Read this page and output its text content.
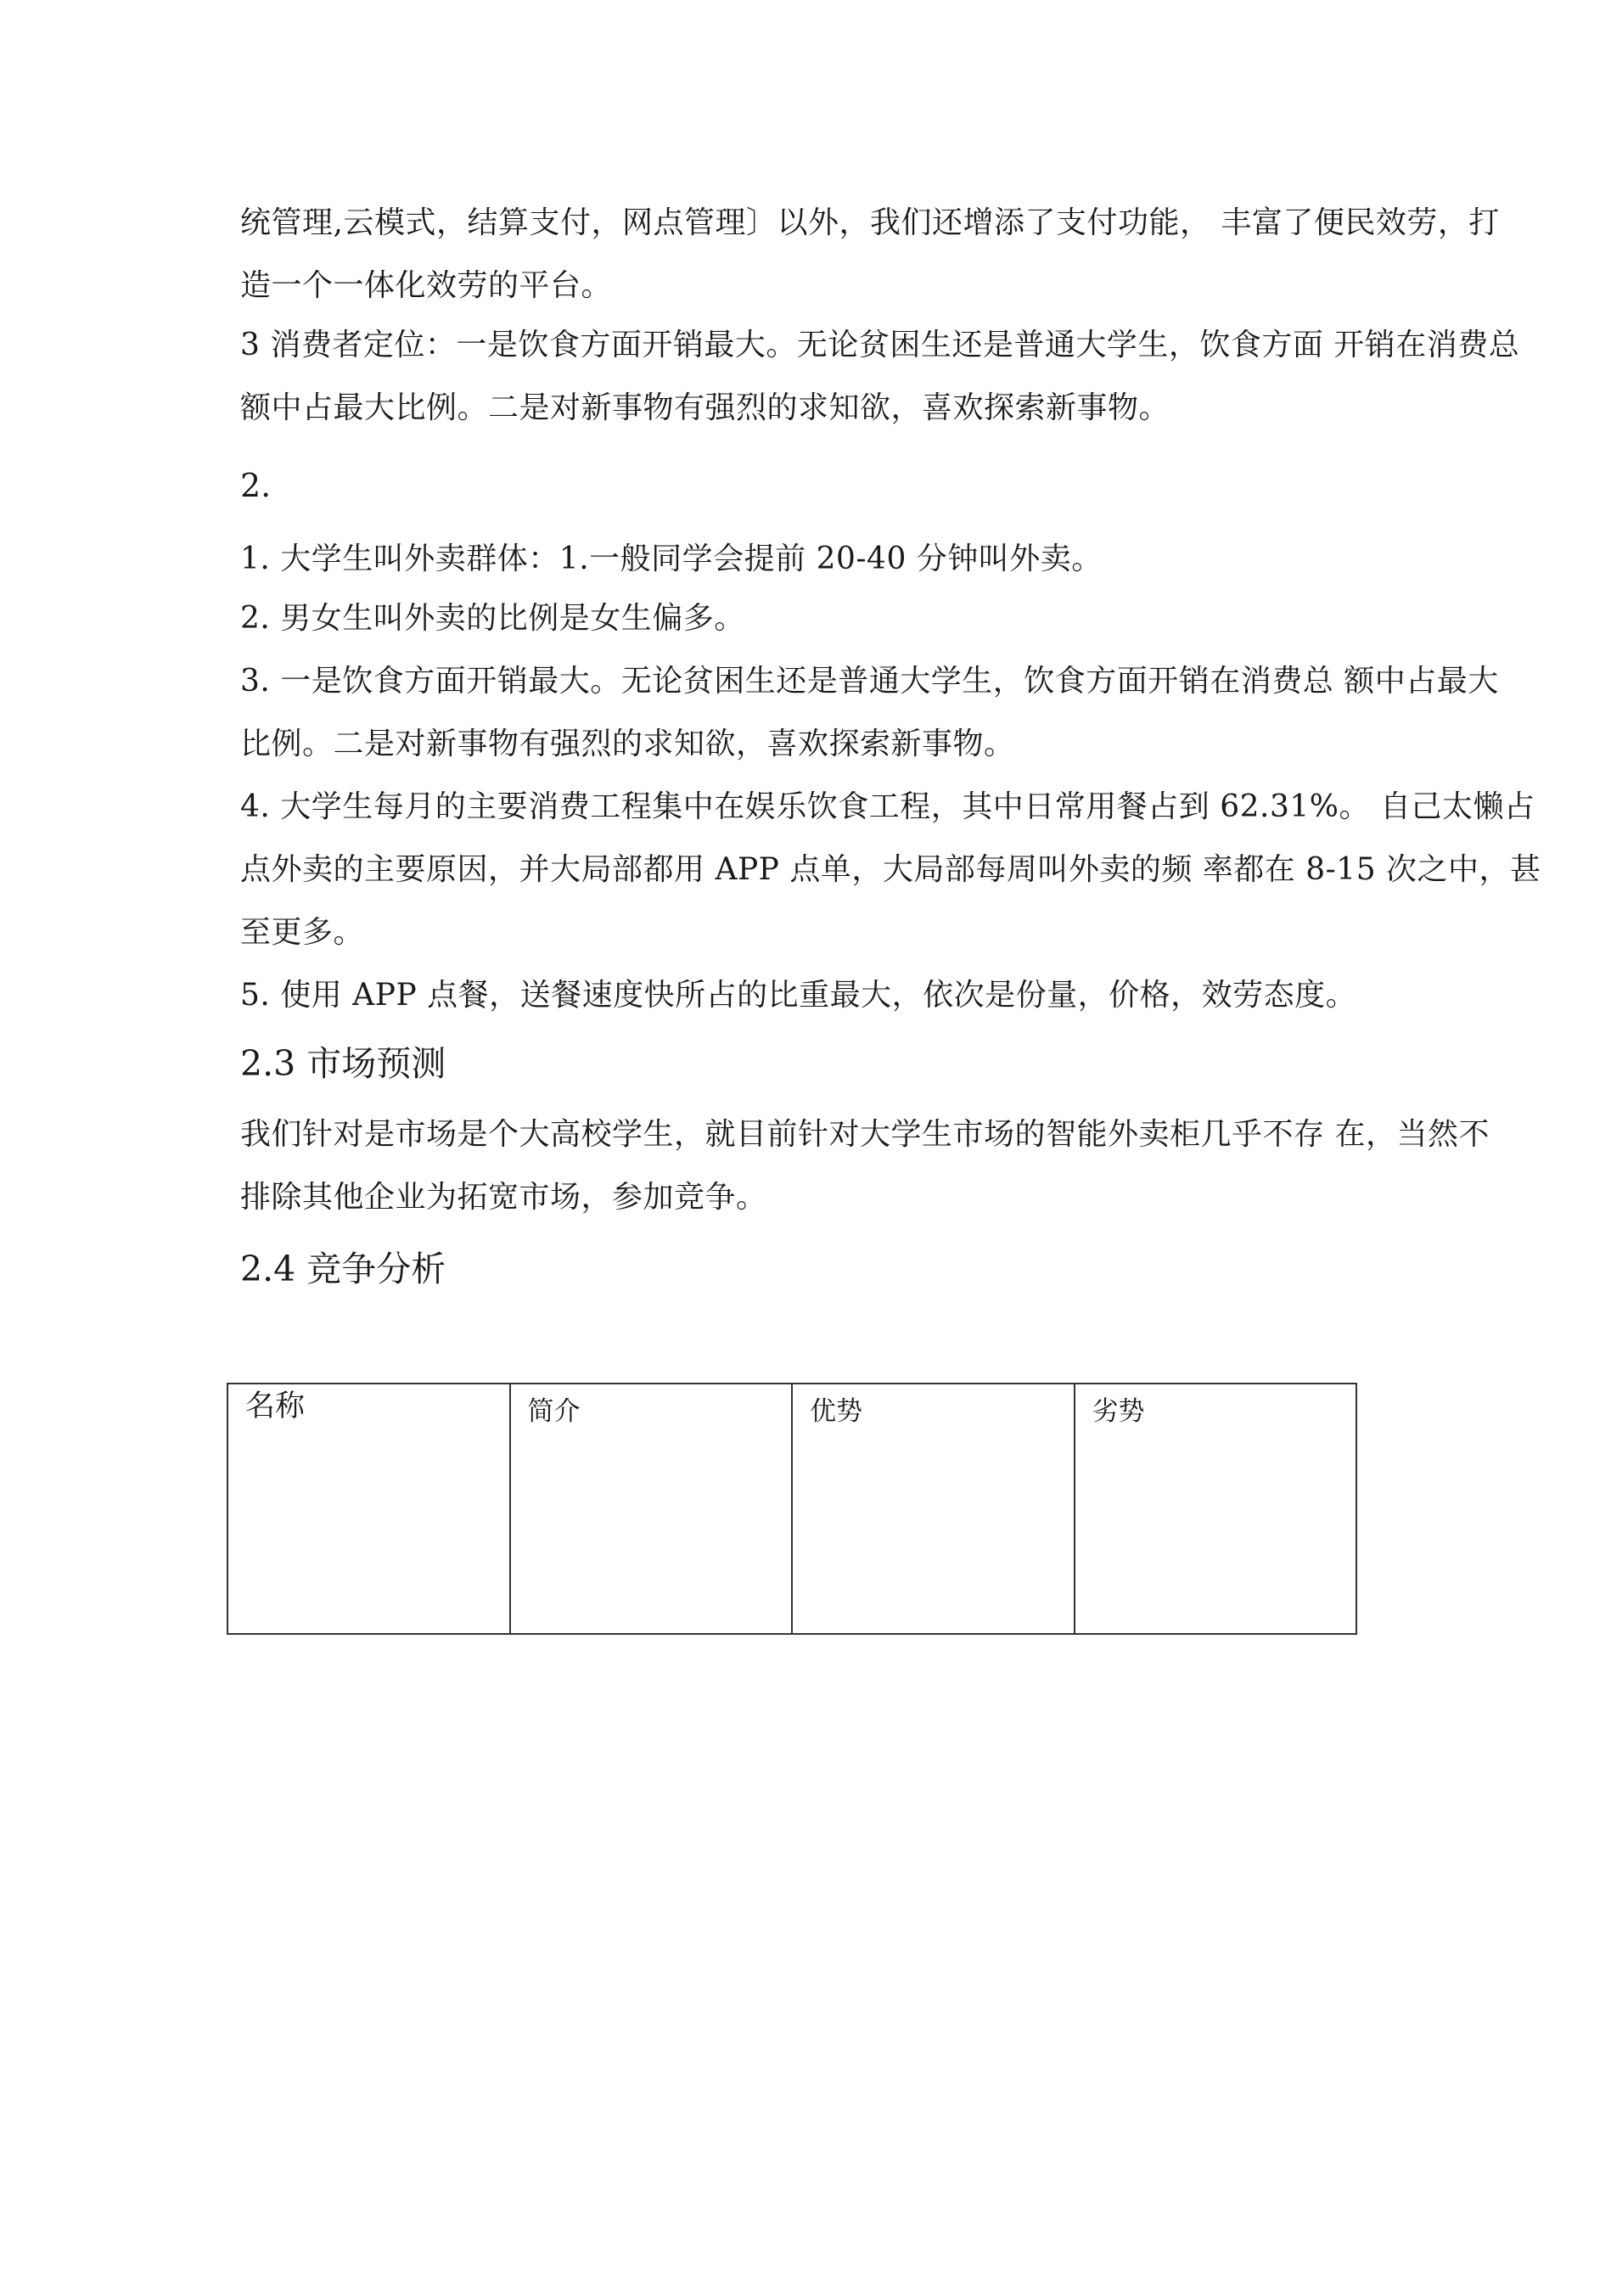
统管理,云模式，结算支付，网点管理〕以外，我们还增添了支付功能， 丰富了便民效劳，打
造一个一体化效劳的平台。
3 消费者定位：一是饮食方面开销最大。无论贫困生还是普通大学生，饮食方面 开销在消费总
额中占最大比例。二是对新事物有强烈的求知欲，喜欢探索新事物。
2.
1. 大学生叫外卖群体：1.一般同学会提前 20-40 分钟叫外卖。
2. 男女生叫外卖的比例是女生偏多。
3. 一是饮食方面开销最大。无论贫困生还是普通大学生，饮食方面开销在消费总 额中占最大
比例。二是对新事物有强烈的求知欲，喜欢探索新事物。
4. 大学生每月的主要消费工程集中在娱乐饮食工程，其中日常用餐占到 62.31%。 自己太懒占
点外卖的主要原因，并大局部都用 APP 点单，大局部每周叫外卖的频 率都在 8-15 次之中，甚
至更多。
5. 使用 APP 点餐，送餐速度快所占的比重最大，依次是份量，价格，效劳态度。
2.3 市场预测
我们针对是市场是个大高校学生，就目前针对大学生市场的智能外卖柜几乎不存 在，当然不
排除其他企业为拓宽市场，参加竞争。
2.4 竞争分析
名称	简介	优势	劣势
